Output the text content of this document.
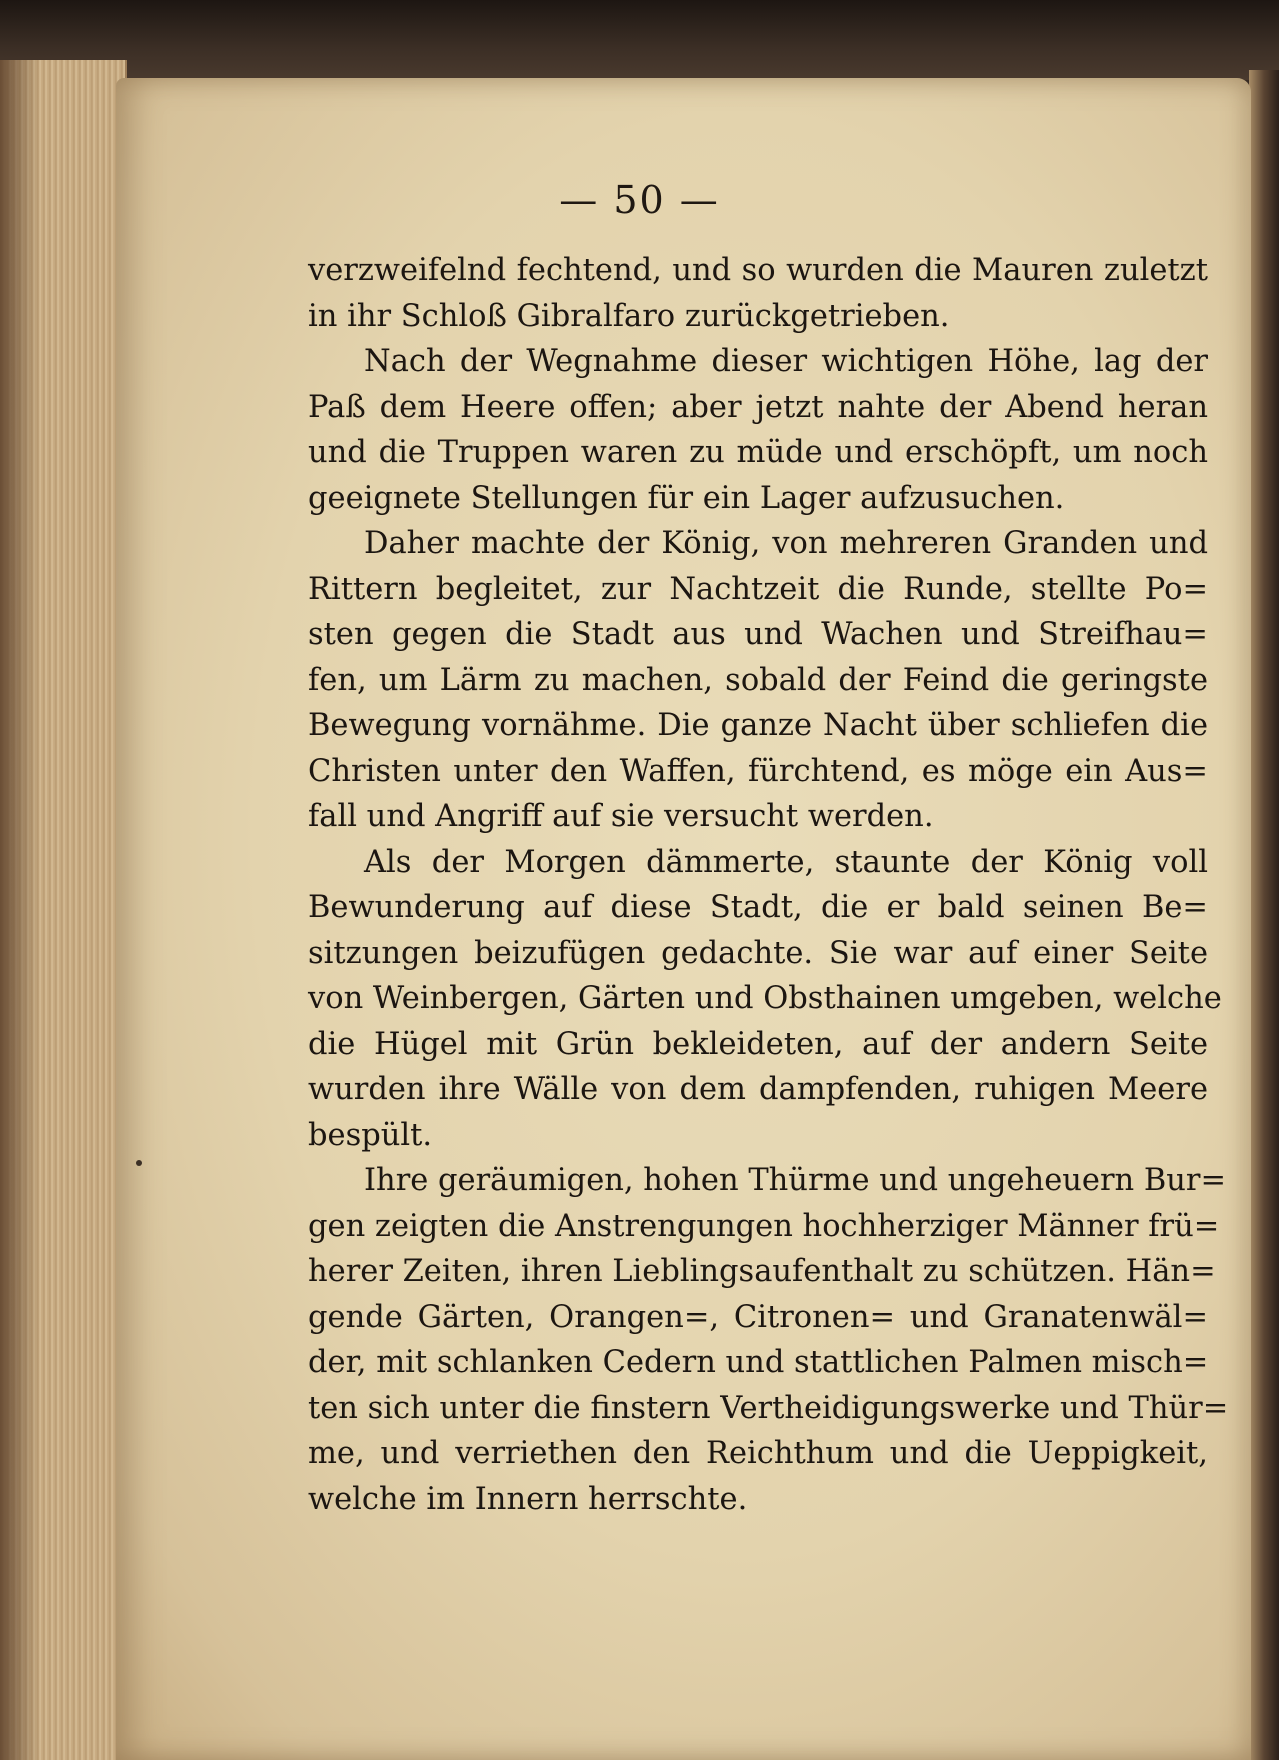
— 50 —
verzweifelnd fechtend, und so wurden die Mauren zuletzt
in ihr Schloß Gibralfaro zurückgetrieben.
Nach der Wegnahme dieser wichtigen Höhe, lag der
Paß dem Heere offen; aber jetzt nahte der Abend heran
und die Truppen waren zu müde und erschöpft, um noch
geeignete Stellungen für ein Lager aufzusuchen.
Daher machte der König, von mehreren Granden und
Rittern begleitet, zur Nachtzeit die Runde, stellte Po=
sten gegen die Stadt aus und Wachen und Streifhau=
fen, um Lärm zu machen, sobald der Feind die geringste
Bewegung vornähme. Die ganze Nacht über schliefen die
Christen unter den Waffen, fürchtend, es möge ein Aus=
fall und Angriff auf sie versucht werden.
Als der Morgen dämmerte, staunte der König voll
Bewunderung auf diese Stadt, die er bald seinen Be=
sitzungen beizufügen gedachte. Sie war auf einer Seite
von Weinbergen, Gärten und Obsthainen umgeben, welche
die Hügel mit Grün bekleideten, auf der andern Seite
wurden ihre Wälle von dem dampfenden, ruhigen Meere
bespült.
Ihre geräumigen, hohen Thürme und ungeheuern Bur=
gen zeigten die Anstrengungen hochherziger Männer frü=
herer Zeiten, ihren Lieblingsaufenthalt zu schützen. Hän=
gende Gärten, Orangen=, Citronen= und Granatenwäl=
der, mit schlanken Cedern und stattlichen Palmen misch=
ten sich unter die finstern Vertheidigungswerke und Thür=
me, und verriethen den Reichthum und die Ueppigkeit,
welche im Innern herrschte.
